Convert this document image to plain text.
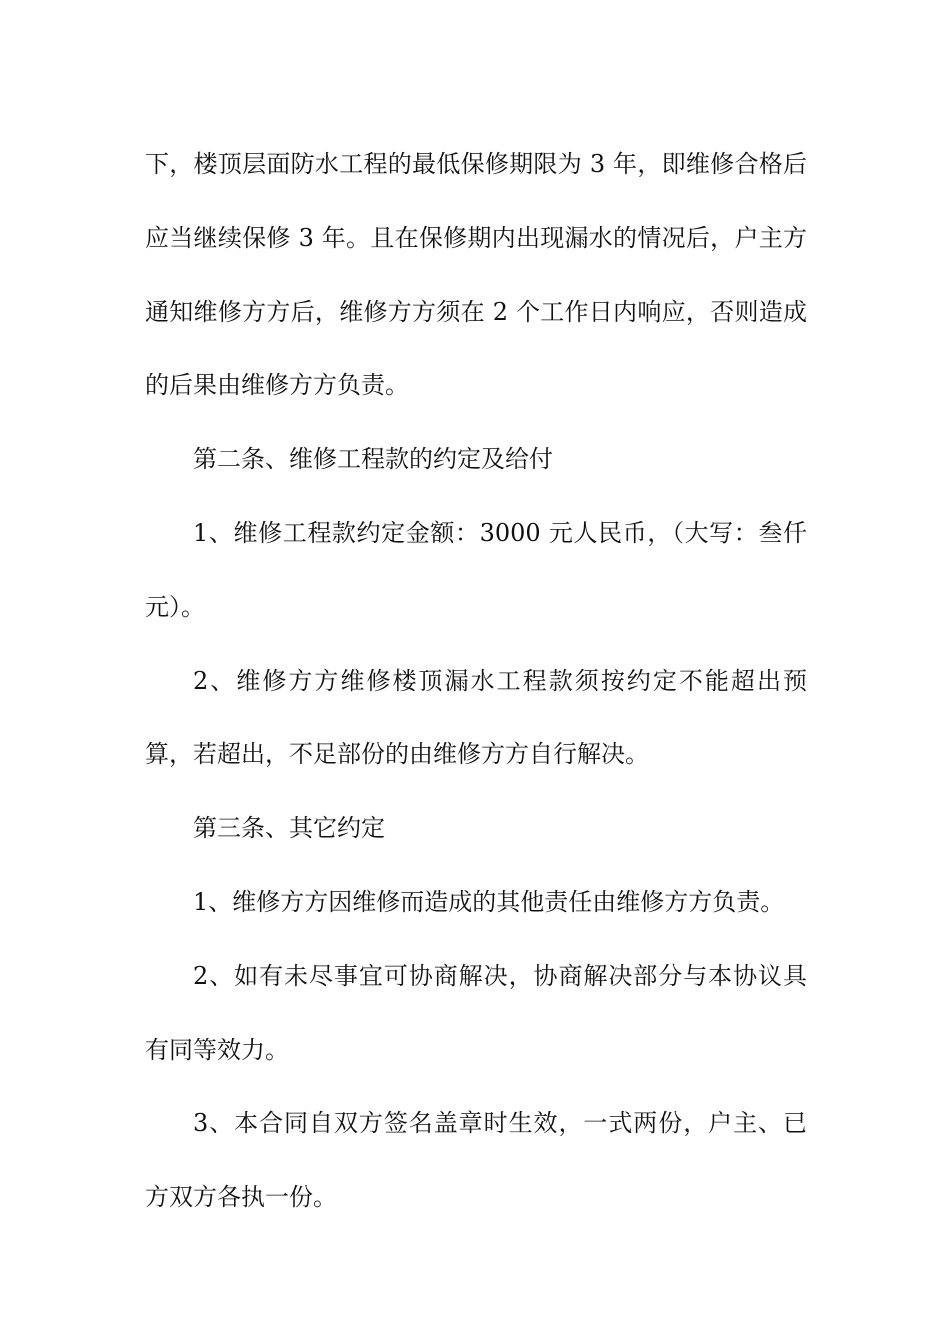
下，楼顶层面防水工程的最低保修期限为 3 年，即维修合格后应当继续保修 3 年。且在保修期内出现漏水的情况后，户主方通知维修方方后，维修方方须在 2 个工作日内响应，否则造成的后果由维修方方负责。

第二条、维修工程款的约定及给付

1、维修工程款约定金额：3000 元人民币，（大写：叁仟元）。

2、维修方方维修楼顶漏水工程款须按约定不能超出预算，若超出，不足部份的由维修方方自行解决。

第三条、其它约定

1、维修方方因维修而造成的其他责任由维修方方负责。

2、如有未尽事宜可协商解决，协商解决部分与本协议具有同等效力。

3、本合同自双方签名盖章时生效，一式两份，户主、已方双方各执一份。
